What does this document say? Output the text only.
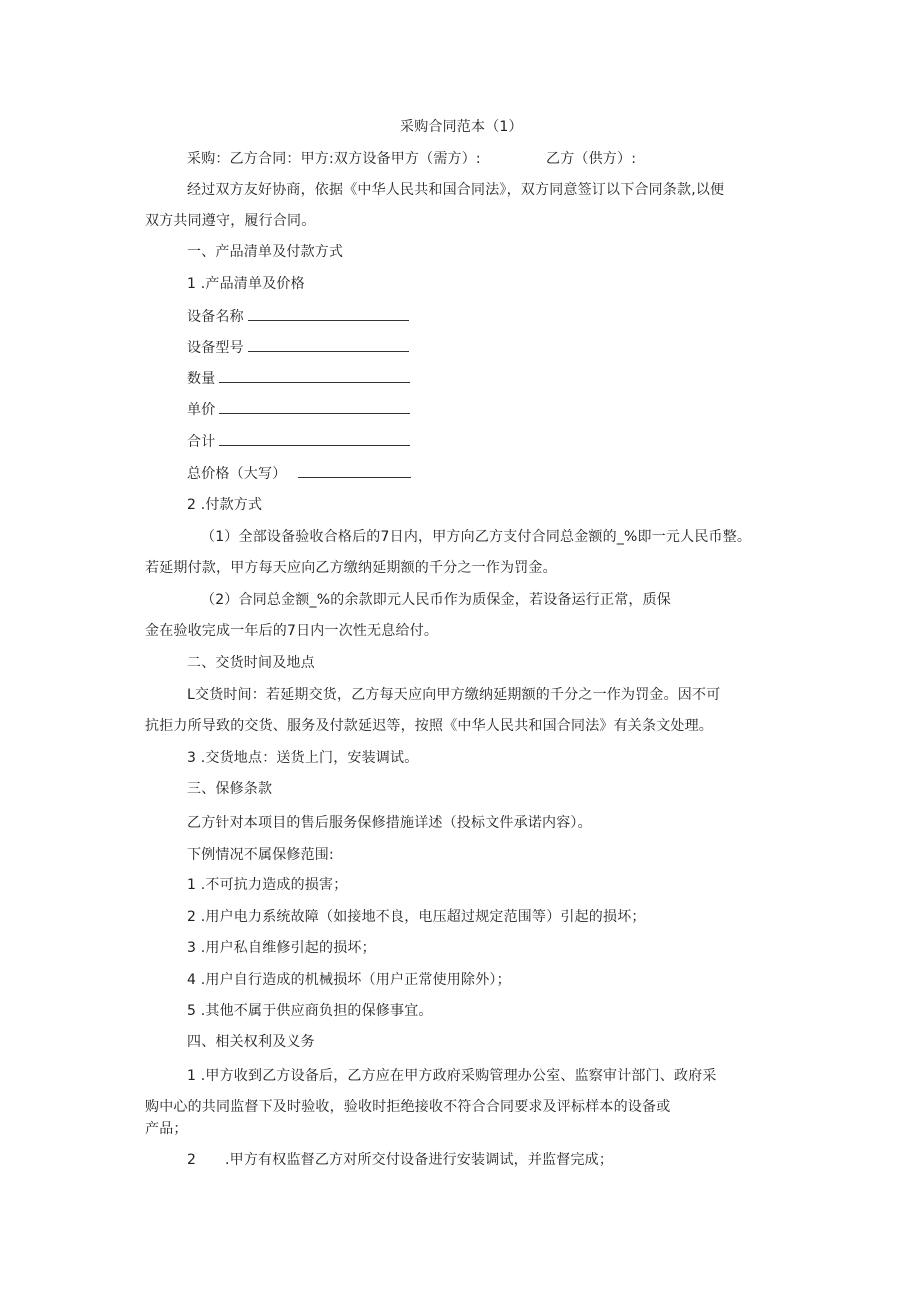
采购合同范本（1）
采购：乙方合同：甲方:双方设备甲方（需方）:	乙方（供方）:
经过双方友好协商，依据《中华人民共和国合同法》，双方同意签订以下合同条款,以便
双方共同遵守，履行合同。
一、产品清单及付款方式
1 .产品清单及价格
设备名称
设备型号
数量
单价
合计
总价格（大写）
2 .付款方式
（1）全部设备验收合格后的7日内，甲方向乙方支付合同总金额的_%即一元人民币整。
若延期付款，甲方每天应向乙方缴纳延期额的千分之一作为罚金。
（2）合同总金额_%的余款即元人民币作为质保金，若设备运行正常，质保
金在验收完成一年后的7日内一次性无息给付。
二、交货时间及地点
L交货时间：若延期交货，乙方每天应向甲方缴纳延期额的千分之一作为罚金。因不可
抗拒力所导致的交货、服务及付款延迟等，按照《中华人民共和国合同法》有关条文处理。
3 .交货地点：送货上门，安装调试。
三、保修条款
乙方针对本项目的售后服务保修措施详述（投标文件承诺内容）。
下例情况不属保修范围:
1 .不可抗力造成的损害；
2 .用户电力系统故障（如接地不良，电压超过规定范围等）引起的损坏；
3 .用户私自维修引起的损坏；
4 .用户自行造成的机械损坏（用户正常使用除外）；
5 .其他不属于供应商负担的保修事宜。
四、相关权利及义务
1 .甲方收到乙方设备后，乙方应在甲方政府采购管理办公室、监察审计部门、政府采
购中心的共同监督下及时验收，验收时拒绝接收不符合合同要求及评标样本的设备或
产品；
2 .甲方有权监督乙方对所交付设备进行安装调试，并监督完成；
